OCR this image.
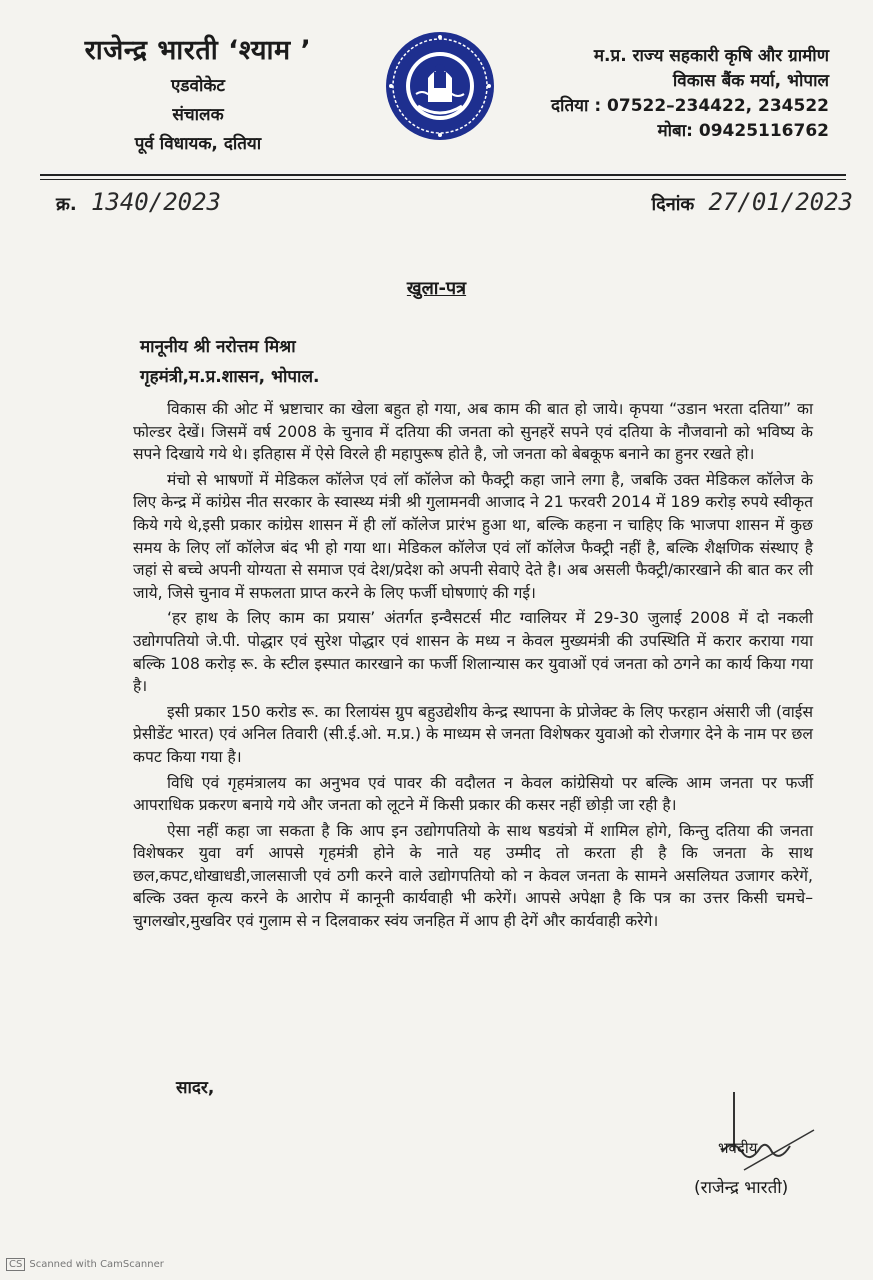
राजेन्द्र भारती ‘श्याम ’
एडवोकेट
संचालक
पूर्व विधायक, दतिया
म.प्र. राज्य सहकारी कृषि और ग्रामीण
विकास बैंक मर्या, भोपाल
दतिया : 07522–234422, 234522
मोबा: 09425116762
क्र. 1340/2023	दिनांक 27/01/2023
खुला-पत्र
मानूनीय श्री नरोत्तम मिश्रा
गृहमंत्री,म.प्र.शासन, भोपाल.

विकास की ओट में भ्रष्टाचार का खेला बहुत हो गया, अब काम की बात हो जाये। कृपया “उडान भरता दतिया” का फोल्डर देखें। जिसमें वर्ष 2008 के चुनाव में दतिया की जनता को सुनहरें सपने एवं दतिया के नौजवानो को भविष्य के सपने दिखाये गये थे। इतिहास में ऐसे विरले ही महापुरूष होते है, जो जनता को बेबकूफ बनाने का हुनर रखते हो।

मंचो से भाषणों में मेडिकल कॉलेज एवं लॉ कॉलेज को फैक्ट्री कहा जाने लगा है, जबकि उक्त मेडिकल कॉलेज के लिए केन्द्र में कांग्रेस नीत सरकार के स्वास्थ्य मंत्री श्री गुलामनवी आजाद ने 21 फरवरी 2014 में 189 करोड़ रुपये स्वीकृत किये गये थे,इसी प्रकार कांग्रेस शासन में ही लॉ कॉलेज प्रारंभ हुआ था, बल्कि कहना न चाहिए कि भाजपा शासन में कुछ समय के लिए लॉ कॉलेज बंद भी हो गया था। मेडिकल कॉलेज एवं लॉ कॉलेज फैक्ट्री नहीं है, बल्कि शैक्षणिक संस्थाए है जहां से बच्चे अपनी योग्यता से समाज एवं देश/प्रदेश को अपनी सेवाऐ देते है। अब असली फैक्ट्री/कारखाने की बात कर ली जाये, जिसे चुनाव में सफलता प्राप्त करने के लिए फर्जी घोषणाएं की गई।

‘हर हाथ के लिए काम का प्रयास’ अंतर्गत इन्वैसटर्स मीट ग्वालियर में 29-30 जुलाई 2008 में दो नकली उद्योगपतियो जे.पी. पोद्धार एवं सुरेश पोद्धार एवं शासन के मध्य न केवल मुख्यमंत्री की उपस्थिति में करार कराया गया बल्कि 108 करोड़ रू. के स्टील इस्पात कारखाने का फर्जी शिलान्यास कर युवाओं एवं जनता को ठगने का कार्य किया गया है।

इसी प्रकार 150 करोड रू. का रिलायंस ग्रुप बहुउद्येशीय केन्द्र स्थापना के प्रोजेक्ट के लिए फरहान अंसारी जी (वाईस प्रेसीडेंट भारत) एवं अनिल तिवारी (सी.ई.ओ. म.प्र.) के माध्यम से जनता विशेषकर युवाओ को रोजगार देने के नाम पर छल कपट किया गया है।

विधि एवं गृहमंत्रालय का अनुभव एवं पावर की वदौलत न केवल कांग्रेसियो पर बल्कि आम जनता पर फर्जी आपराधिक प्रकरण बनाये गये और जनता को लूटने में किसी प्रकार की कसर नहीं छोड़ी जा रही है।

ऐसा नहीं कहा जा सकता है कि आप इन उद्योगपतियो के साथ षडयंत्रो में शामिल होगे, किन्तु दतिया की जनता विशेषकर युवा वर्ग आपसे गृहमंत्री होने के नाते यह उम्मीद तो करता ही है कि जनता के साथ छल,कपट,धोखाधडी,जालसाजी एवं ठगी करने वाले उद्योगपतियो को न केवल जनता के सामने असलियत उजागर करेगें, बल्कि उक्त कृत्य करने के आरोप में कानूनी कार्यवाही भी करेगें। आपसे अपेक्षा है कि पत्र का उत्तर किसी चमचे–चुगलखोर,मुखविर एवं गुलाम से न दिलवाकर स्वंय जनहित में आप ही देगें और कार्यवाही करेगे।

सादर,
भवदीय
(राजेन्द्र भारती)
CS Scanned with CamScanner
